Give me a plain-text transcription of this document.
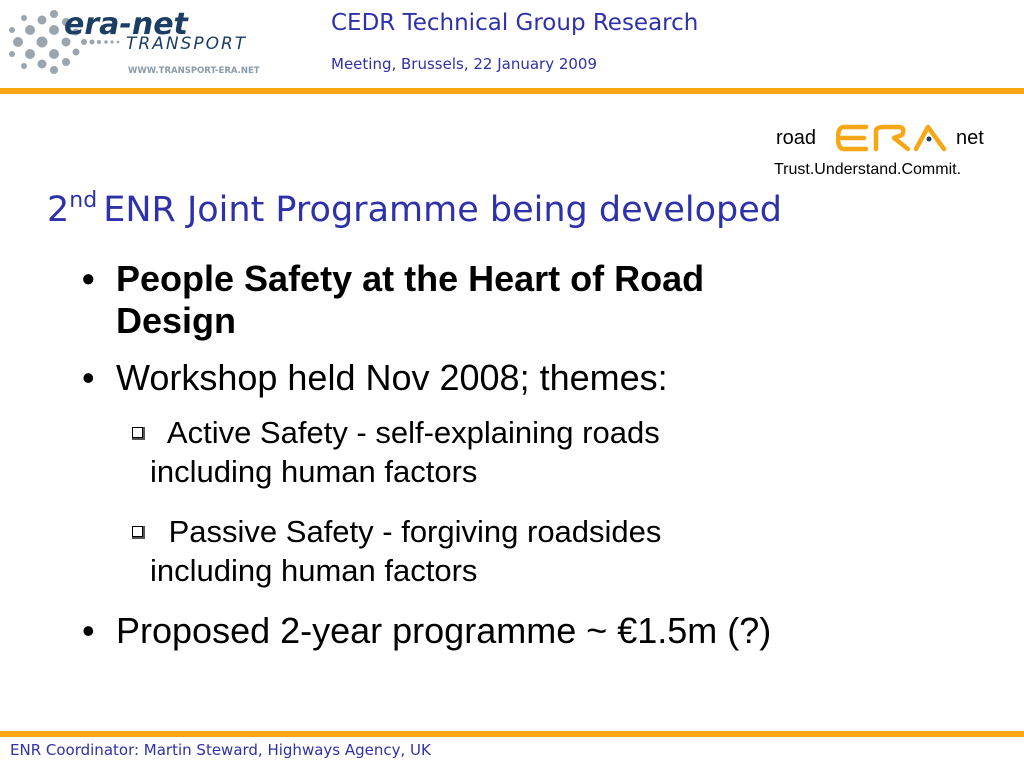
era-net
TRANSPORT
WWW.TRANSPORT-ERA.NET
CEDR Technical Group Research
Meeting, Brussels, 22 January 2009
road	net
Trust.Understand.Commit.
2nd ENR Joint Programme being developed
• People Safety at the Heart of Road
Design
• Workshop held Nov 2008; themes:
Active Safety - self-explaining roads
including human factors
Passive Safety - forgiving roadsides
including human factors
• Proposed 2-year programme ~ €1.5m (?)
ENR Coordinator: Martin Steward, Highways Agency, UK
